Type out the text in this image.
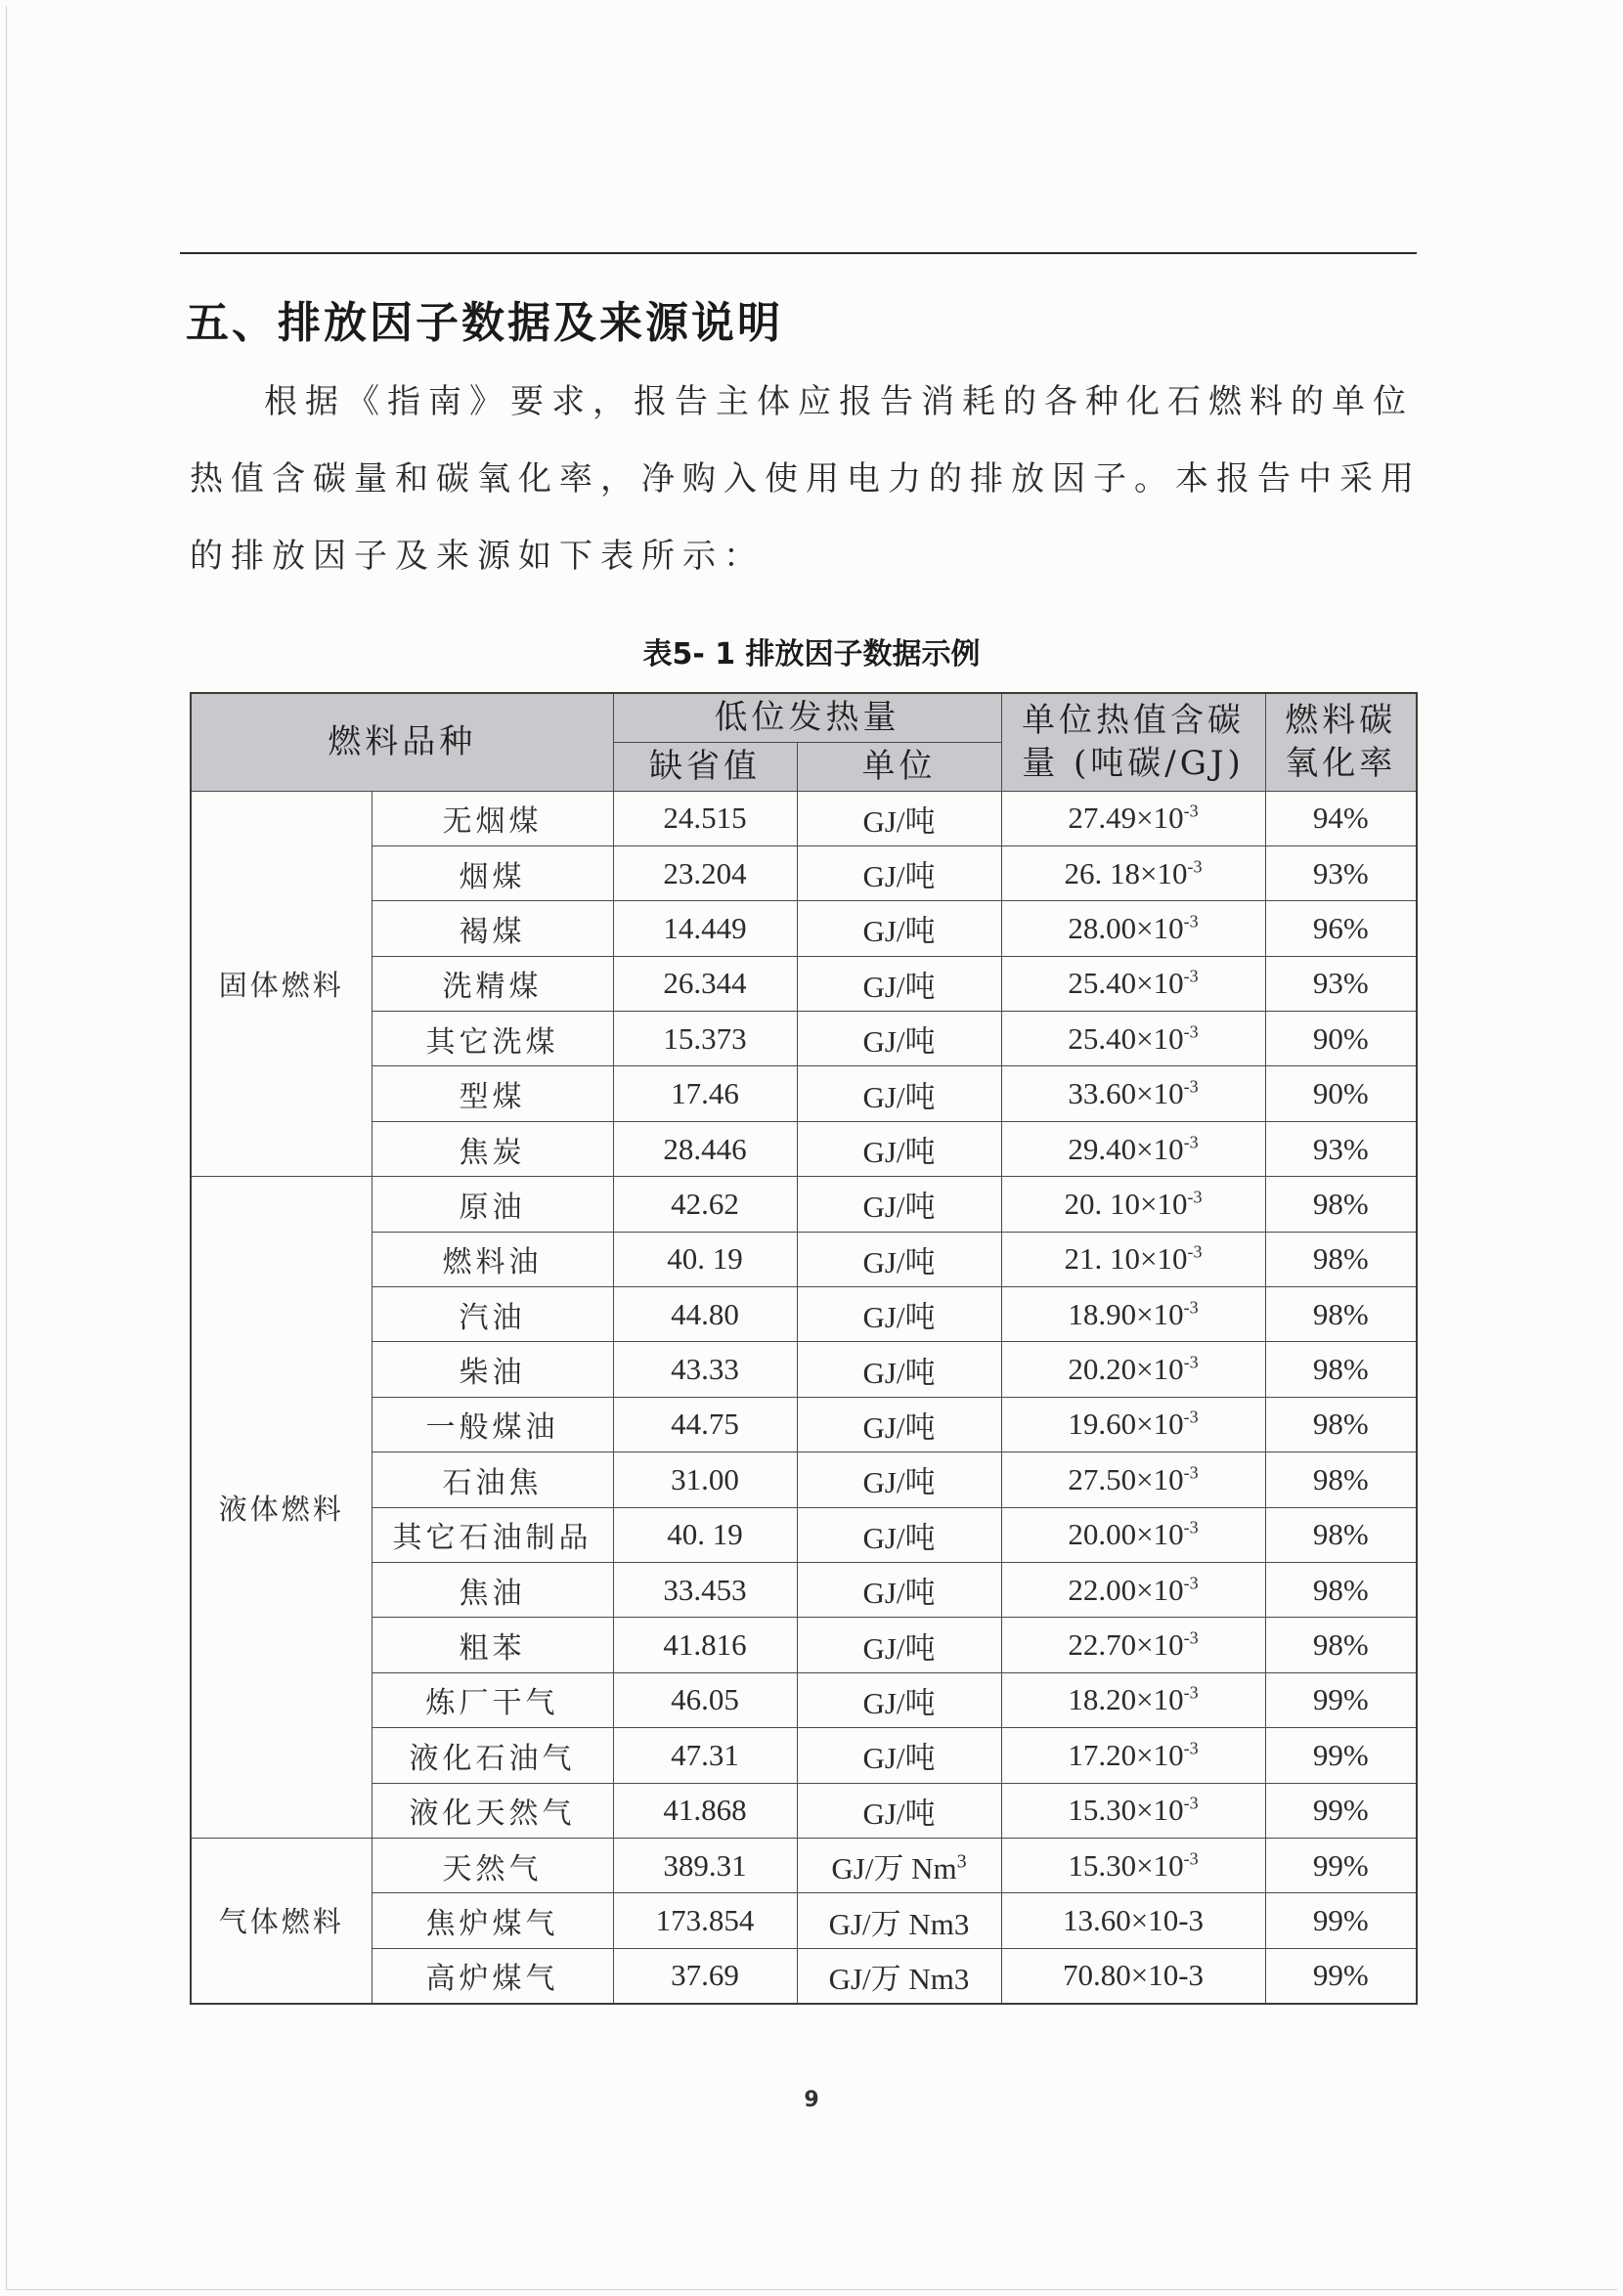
五、排放因子数据及来源说明

根据《指南》要求，报告主体应报告消耗的各种化石燃料的单位热值含碳量和碳氧化率，净购入使用电力的排放因子。本报告中采用的排放因子及来源如下表所示：

表5- 1 排放因子数据示例
燃料品种		低位发热量		单位热值含碳量 (吨碳/GJ)	燃料碳氧化率
		缺省值	单位		
固体燃料	无烟煤	24.515	GJ/吨	$27.49\times 10^{-3}$	94%
	烟煤	23.204	GJ/吨	26. $18\times 10^{-3}$	93%
	褐煤	14.449	GJ/吨	$28.00\times 10^{-3}$	96%
	洗精煤	26.344	GJ/吨	$25.40\times 10^{-3}$	93%
	其它洗煤	15.373	GJ/吨	$25.40\times 10^{-3}$	90%
	型煤	17.46	GJ/吨	$33.60\times 10^{-3}$	90%
	焦炭	28.446	GJ/吨	$29.40\times 10^{-3}$	93%
液体燃料	原油	42.62	GJ/吨	20. $10\times 10^{-3}$	98%
	燃料油	40. 19	GJ/吨	21. $10\times 10^{-3}$	98%
	汽油	44.80	GJ/吨	$18.90\times 10^{-3}$	98%
	柴油	43.33	GJ/吨	$20.20\times 10^{-3}$	98%
	一般煤油	44.75	GJ/吨	$19.60\times 10^{-3}$	98%
	石油焦	31.00	GJ/吨	$27.50\times 10^{-3}$	98%
	其它石油制品	40. 19	GJ/吨	$20.00\times 10^{-3}$	98%
	焦油	33.453	GJ/吨	$22.00\times 10^{-3}$	98%
	粗苯	41.816	GJ/吨	$22.70\times 10^{-3}$	98%
	炼厂干气	46.05	GJ/吨	$18.20\times 10^{-3}$	99%
	液化石油气	47.31	GJ/吨	$17.20\times 10^{-3}$	99%
	液化天然气	41.868	GJ/吨	$15.30\times 10^{-3}$	99%
气体燃料	天然气	389.31	GJ/万 Nm$^3$	$15.30\times 10^{-3}$	99%
	焦炉煤气	173.854	GJ/万 Nm3	13.60×10-3	99%
	高炉煤气	37.69	GJ/万 Nm3	70.80×10-3	99%
9
